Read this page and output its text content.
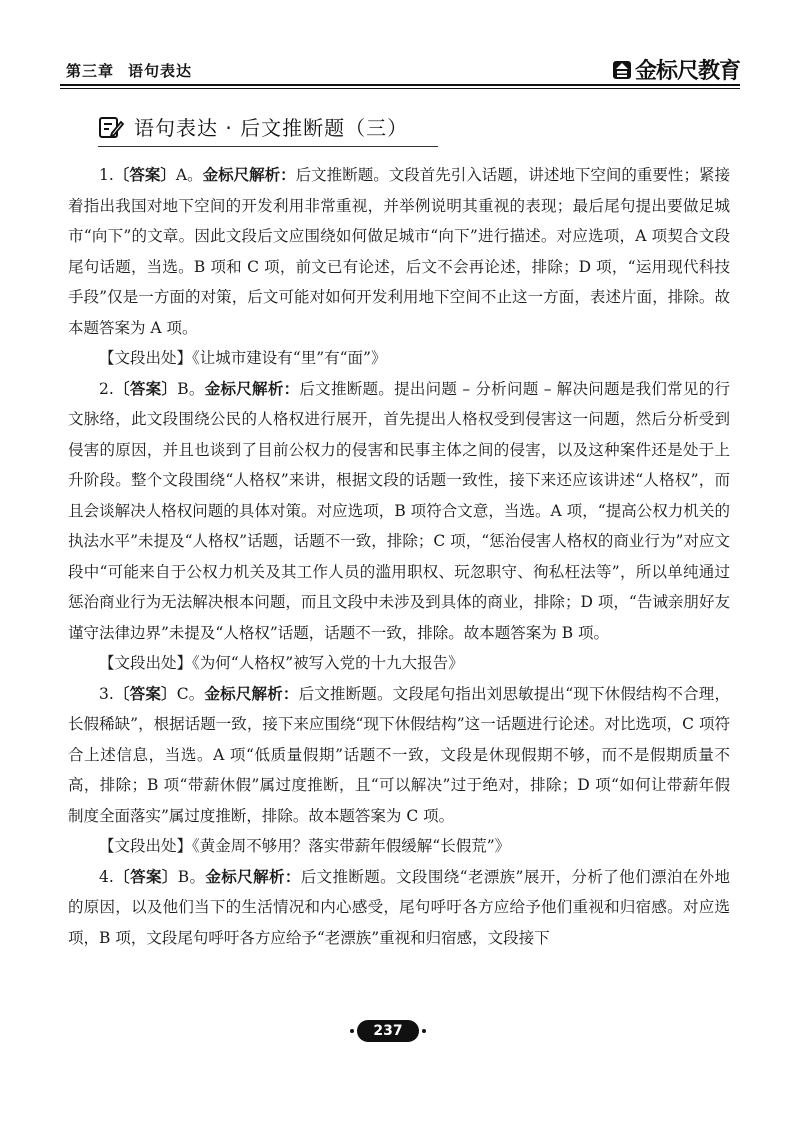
第三章 语句表达	金标尺教育
语句表达 · 后文推断题（三）

1.〔答案〕A。金标尺解析：后文推断题。文段首先引入话题，讲述地下空间的重要性；紧接着指出我国对地下空间的开发利用非常重视，并举例说明其重视的表现；最后尾句提出要做足城市“向下”的文章。因此文段后文应围绕如何做足城市“向下”进行描述。对应选项，A 项契合文段尾句话题，当选。B 项和 C 项，前文已有论述，后文不会再论述，排除；D 项，“运用现代科技手段”仅是一方面的对策，后文可能对如何开发利用地下空间不止这一方面，表述片面，排除。故本题答案为 A 项。

【文段出处】《让城市建设有“里”有“面”》

2.〔答案〕B。金标尺解析：后文推断题。提出问题 – 分析问题 – 解决问题是我们常见的行文脉络，此文段围绕公民的人格权进行展开，首先提出人格权受到侵害这一问题，然后分析受到侵害的原因，并且也谈到了目前公权力的侵害和民事主体之间的侵害，以及这种案件还是处于上升阶段。整个文段围绕“人格权”来讲，根据文段的话题一致性，接下来还应该讲述“人格权”，而且会谈解决人格权问题的具体对策。对应选项，B 项符合文意，当选。A 项，“提高公权力机关的执法水平”未提及“人格权”话题，话题不一致，排除；C 项，“惩治侵害人格权的商业行为”对应文段中“可能来自于公权力机关及其工作人员的滥用职权、玩忽职守、徇私枉法等”，所以单纯通过惩治商业行为无法解决根本问题，而且文段中未涉及到具体的商业，排除；D 项，“告诫亲朋好友谨守法律边界”未提及“人格权”话题，话题不一致，排除。故本题答案为 B 项。

【文段出处】《为何“人格权”被写入党的十九大报告》

3.〔答案〕C。金标尺解析：后文推断题。文段尾句指出刘思敏提出“现下休假结构不合理，长假稀缺”，根据话题一致，接下来应围绕“现下休假结构”这一话题进行论述。对比选项，C 项符合上述信息，当选。A 项“低质量假期”话题不一致，文段是休现假期不够，而不是假期质量不高，排除；B 项“带薪休假”属过度推断，且“可以解决”过于绝对，排除；D 项“如何让带薪年假制度全面落实”属过度推断，排除。故本题答案为 C 项。

【文段出处】《黄金周不够用？落实带薪年假缓解“长假荒”》

4.〔答案〕B。金标尺解析：后文推断题。文段围绕“老漂族”展开，分析了他们漂泊在外地的原因，以及他们当下的生活情况和内心感受，尾句呼吁各方应给予他们重视和归宿感。对应选项，B 项，文段尾句呼吁各方应给予“老漂族”重视和归宿感，文段接下

237
